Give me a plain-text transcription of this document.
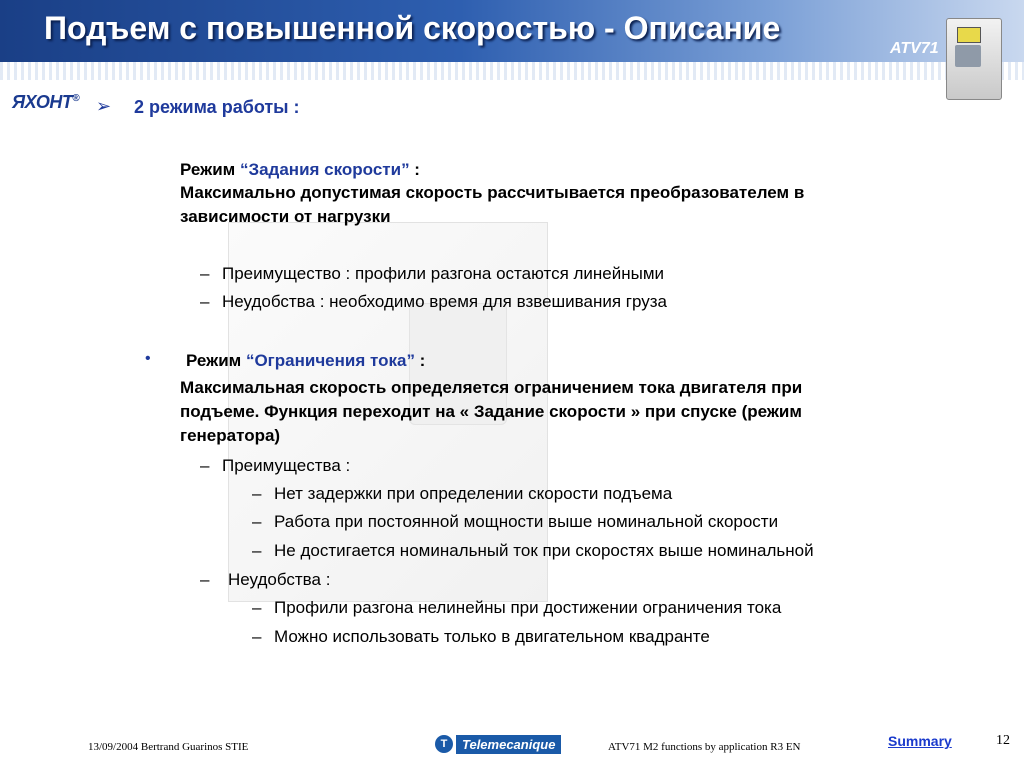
Подъем с повышенной скоростью - Описание
ATV71
ЯХОНТ® ➢ 2 режима работы :
Режим “Задания скорости” :
Максимально допустимая скорость рассчитывается преобразователем в
зависимости от нагрузки
– Преимущество : профили разгона остаются линейными
– Неудобства : необходимо время для взвешивания груза
• Режим “Ограничения тока” :
Максимальная скорость определяется ограничением тока двигателя при
подъеме. Функция переходит на « Задание скорости » при спуске (режим
генератора)
– Преимущества :
– Нет задержки при определении скорости подъема
– Работа при постоянной мощности выше номинальной скорости
– Не достигается номинальный ток при скоростях выше номинальной
– Неудобства :
– Профили разгона нелинейны при достижении ограничения тока
– Можно использовать только в двигательном квадранте
13/09/2004 Bertrand Guarinos STIE	T	Telemecanique	ATV71 M2 functions by application R3 EN	Summary	12
